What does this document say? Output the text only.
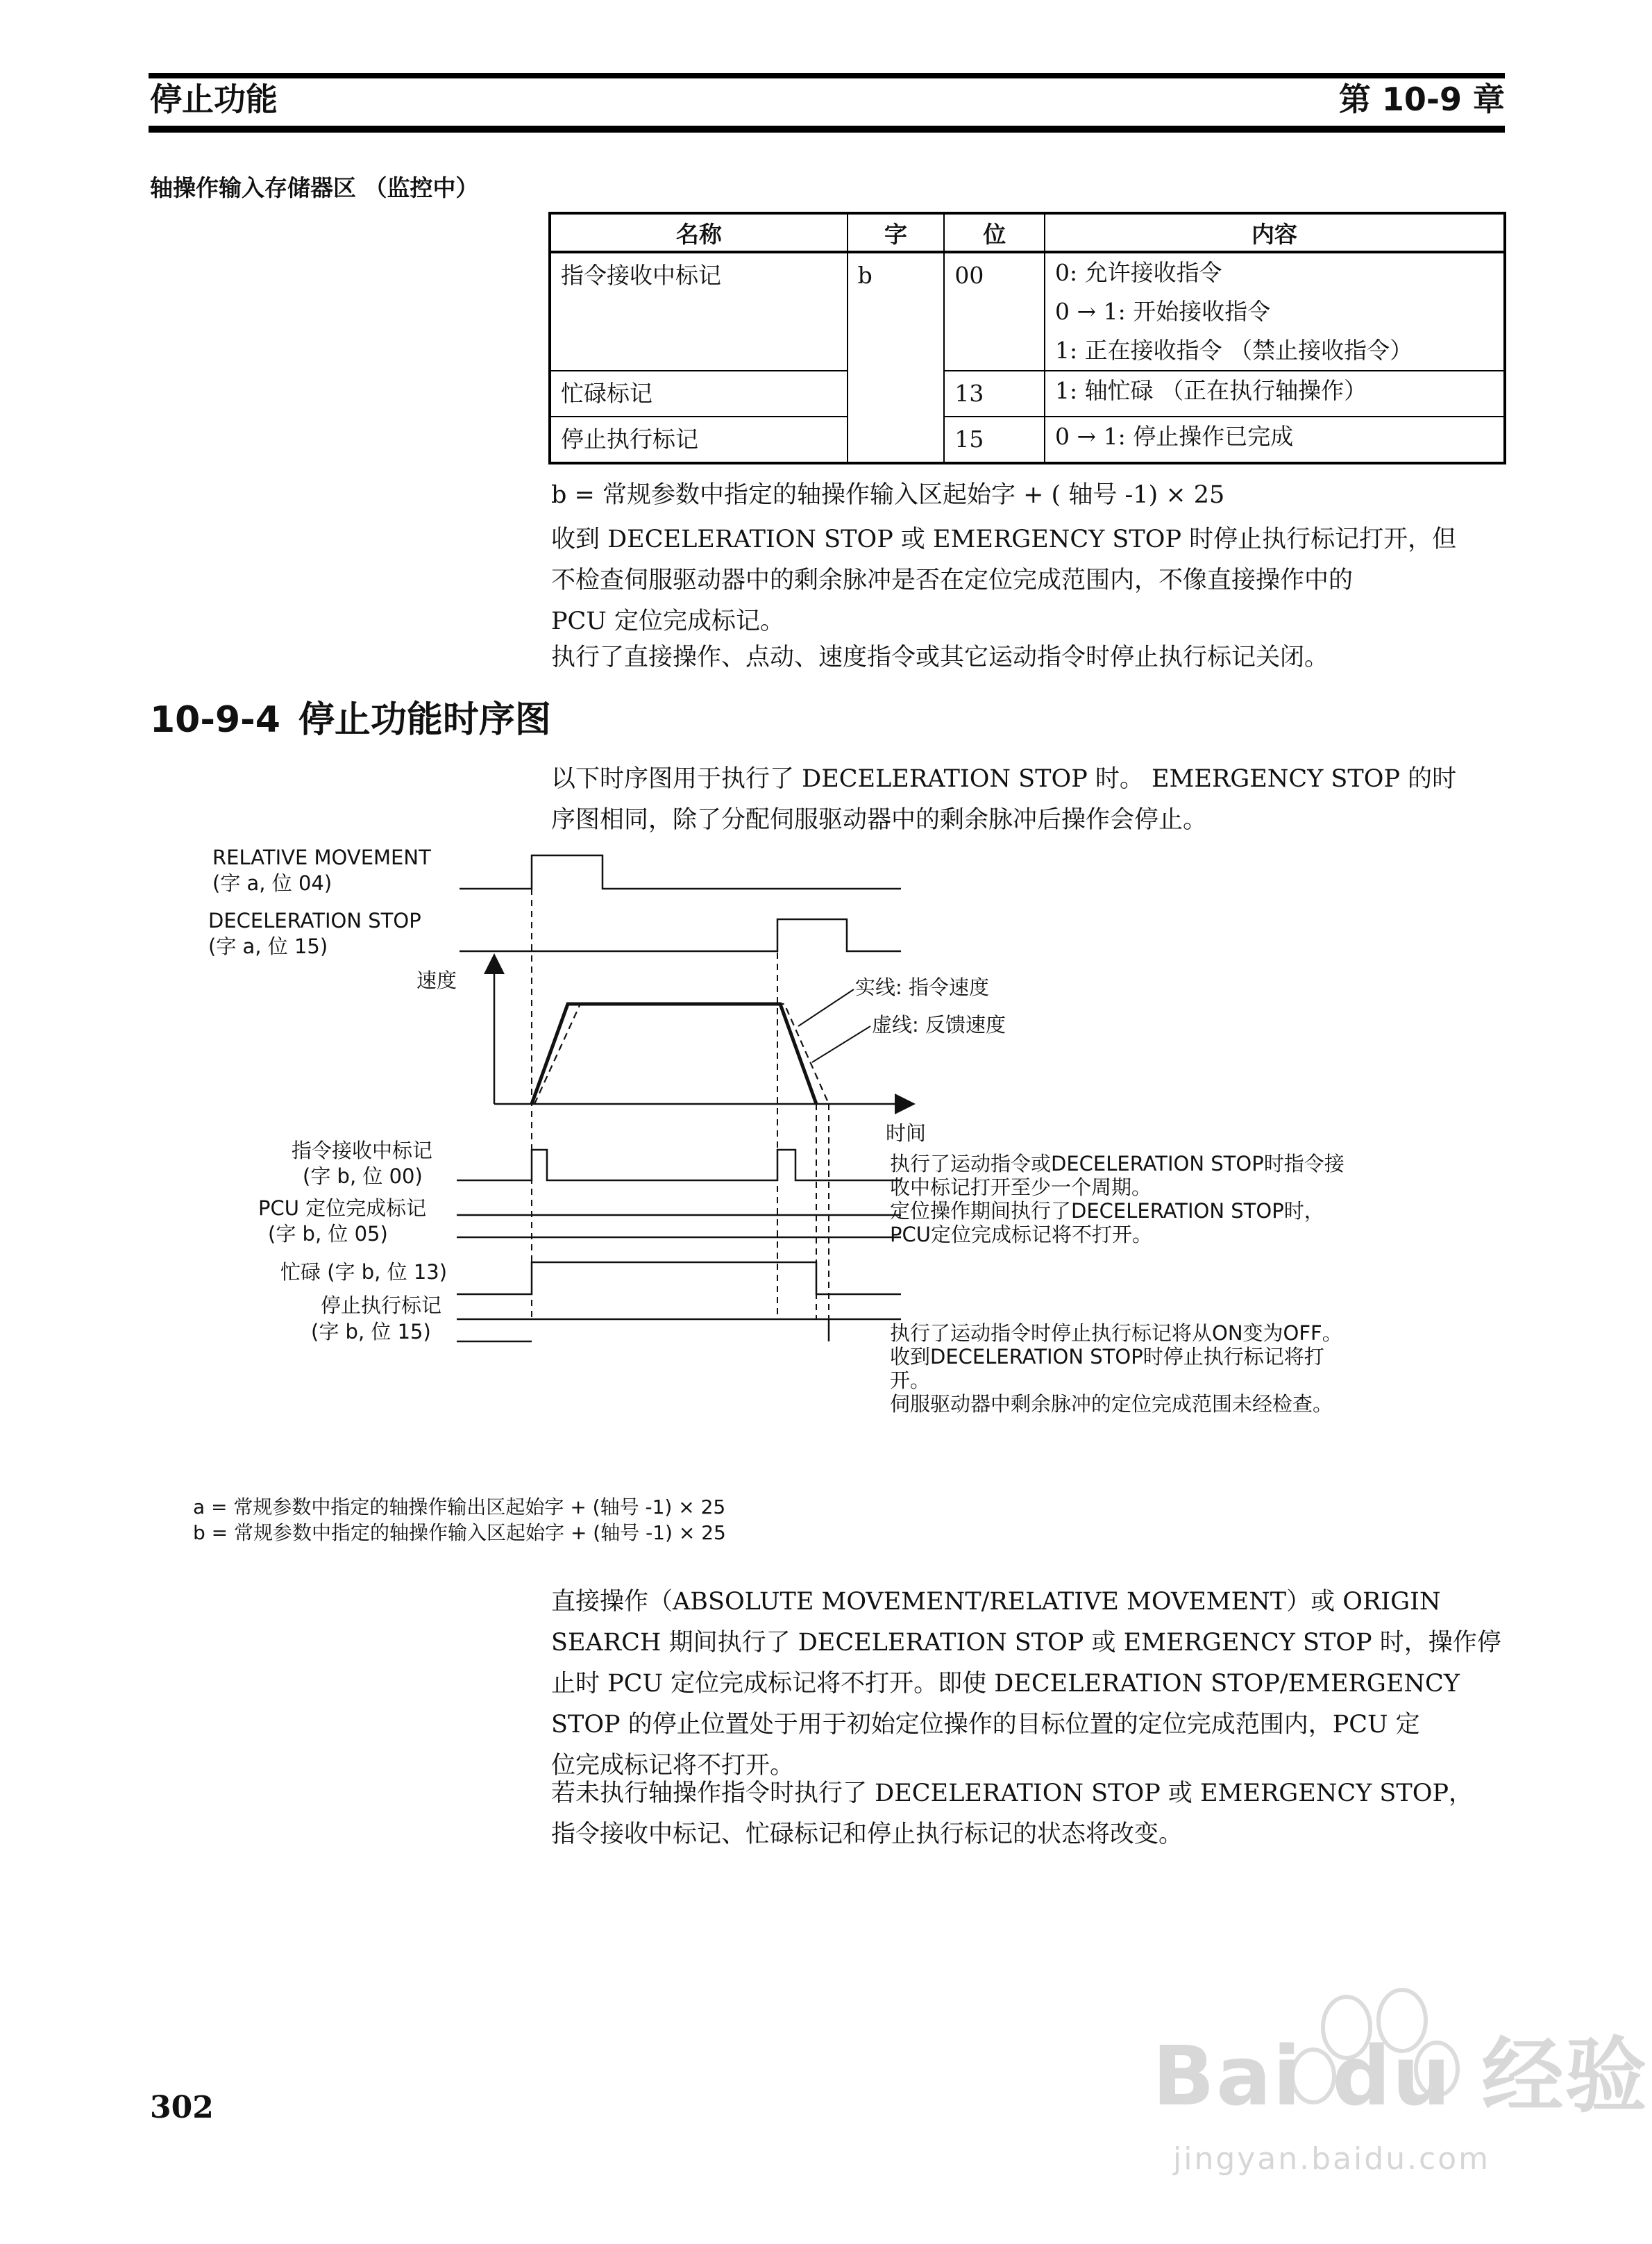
停止功能	第 10-9 章
轴操作输入存储器区 （监控中）
名称	字	位	内容
指令接收中标记	b	00	0: 允许接收指令
0 → 1: 开始接收指令
1: 正在接收指令 （禁止接收指令）

忙碌标记		13	1: 轴忙碌 （正在执行轴操作）

停止执行标记		15	0 → 1: 停止操作已完成
b = 常规参数中指定的轴操作输入区起始字 + ( 轴号 -1) × 25
收到 DECELERATION STOP 或 EMERGENCY STOP 时停止执行标记打开，但
不检查伺服驱动器中的剩余脉冲是否在定位完成范围内，不像直接操作中的
PCU 定位完成标记。
执行了直接操作、点动、速度指令或其它运动指令时停止执行标记关闭。
10-9-4 停止功能时序图
以下时序图用于执行了 DECELERATION STOP 时。 EMERGENCY STOP 的时
序图相同，除了分配伺服驱动器中的剩余脉冲后操作会停止。
RELATIVE MOVEMENT
(字 a, 位 04)
DECELERATION STOP
(字 a, 位 15)
速度
时间
实线: 指令速度
虚线: 反馈速度
指令接收中标记
(字 b, 位 00)
PCU 定位完成标记
(字 b, 位 05)
忙碌 (字 b, 位 13)
停止执行标记
(字 b, 位 15)
执行了运动指令或DECELERATION STOP时指令接
收中标记打开至少一个周期。
定位操作期间执行了DECELERATION STOP时，
PCU定位完成标记将不打开。
执行了运动指令时停止执行标记将从ON变为OFF。
收到DECELERATION STOP时停止执行标记将打
开。
伺服驱动器中剩余脉冲的定位完成范围未经检查。
a = 常规参数中指定的轴操作输出区起始字 + (轴号 -1) × 25
b = 常规参数中指定的轴操作输入区起始字 + (轴号 -1) × 25
直接操作（ABSOLUTE MOVEMENT/RELATIVE MOVEMENT）或 ORIGIN
SEARCH 期间执行了 DECELERATION STOP 或 EMERGENCY STOP 时，操作停
止时 PCU 定位完成标记将不打开。即使 DECELERATION STOP/EMERGENCY
STOP 的停止位置处于用于初始定位操作的目标位置的定位完成范围内，PCU 定
位完成标记将不打开。
若未执行轴操作指令时执行了 DECELERATION STOP 或 EMERGENCY STOP，
指令接收中标记、忙碌标记和停止执行标记的状态将改变。
302	Bai du 经验
jingyan.baidu.com
